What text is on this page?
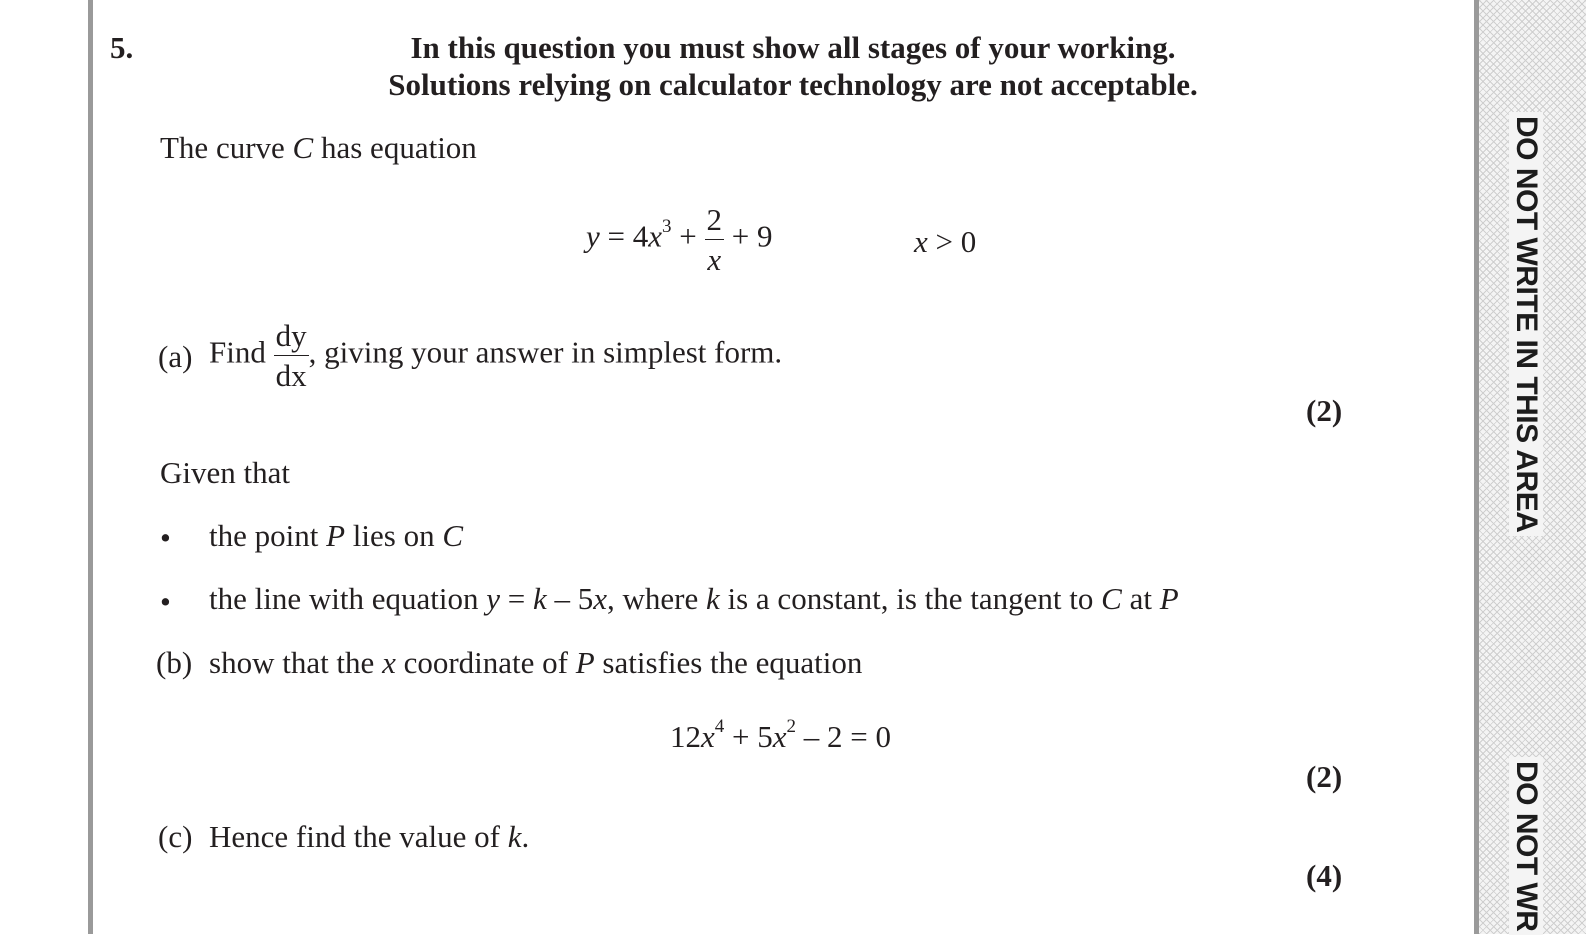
DO NOT WRITE IN THIS AREA
DO NOT WR
5.	In this question you must show all stages of your working.
Solutions relying on calculator technology are not acceptable.
The curve C has equation
$y = 4x^3 + \frac{2}{x} + 9$	x > 0
(a) Find $\frac{dy}{dx}$ , giving your answer in simplest form.
(2)
Given that
• the point P lies on C
• the line with equation y = k – 5x, where k is a constant, is the tangent to C at P
(b) show that the x coordinate of P satisfies the equation
$12x^4 + 5x^2 - 2 = 0$
(2)
(c) Hence find the value of k.
(4)
